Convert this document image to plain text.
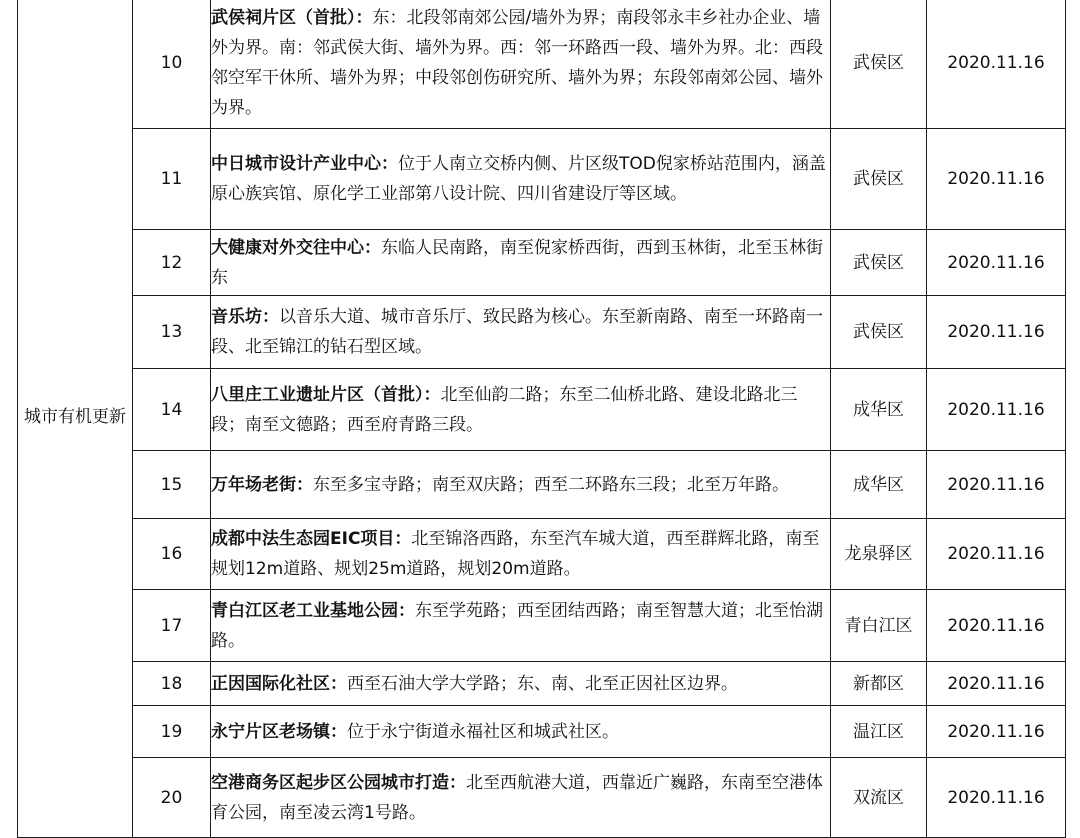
城市有机更新	10	武侯祠片区（首批）：东：北段邻南郊公园/墙外为界；南段邻永丰乡社办企业、墙外为界。南：邻武侯大街、墙外为界。西：邻一环路西一段、墙外为界。北：西段邻空军干休所、墙外为界；中段邻创伤研究所、墙外为界；东段邻南郊公园、墙外为界。	武侯区	2020.11.16
	11	中日城市设计产业中心：位于人南立交桥内侧、片区级TOD倪家桥站范围内，涵盖原心族宾馆、原化学工业部第八设计院、四川省建设厅等区域。	武侯区	2020.11.16
	12	大健康对外交往中心：东临人民南路，南至倪家桥西街，西到玉林街，北至玉林街东	武侯区	2020.11.16
	13	音乐坊：以音乐大道、城市音乐厅、致民路为核心。东至新南路、南至一环路南一段、北至锦江的钻石型区域。	武侯区	2020.11.16
	14	八里庄工业遗址片区（首批）：北至仙韵二路；东至二仙桥北路、建设北路北三段；南至文德路；西至府青路三段。	成华区	2020.11.16
	15	万年场老街：东至多宝寺路；南至双庆路；西至二环路东三段；北至万年路。	成华区	2020.11.16
	16	成都中法生态园EIC项目：北至锦洛西路，东至汽车城大道，西至群辉北路，南至规划12m道路、规划25m道路，规划20m道路。	龙泉驿区	2020.11.16
	17	青白江区老工业基地公园：东至学苑路；西至团结西路；南至智慧大道；北至怡湖路。	青白江区	2020.11.16
	18	正因国际化社区：西至石油大学大学路；东、南、北至正因社区边界。	新都区	2020.11.16
	19	永宁片区老场镇：位于永宁街道永福社区和城武社区。	温江区	2020.11.16
	20	空港商务区起步区公园城市打造：北至西航港大道，西靠近广巍路，东南至空港体育公园，南至凌云湾1号路。	双流区	2020.11.16
